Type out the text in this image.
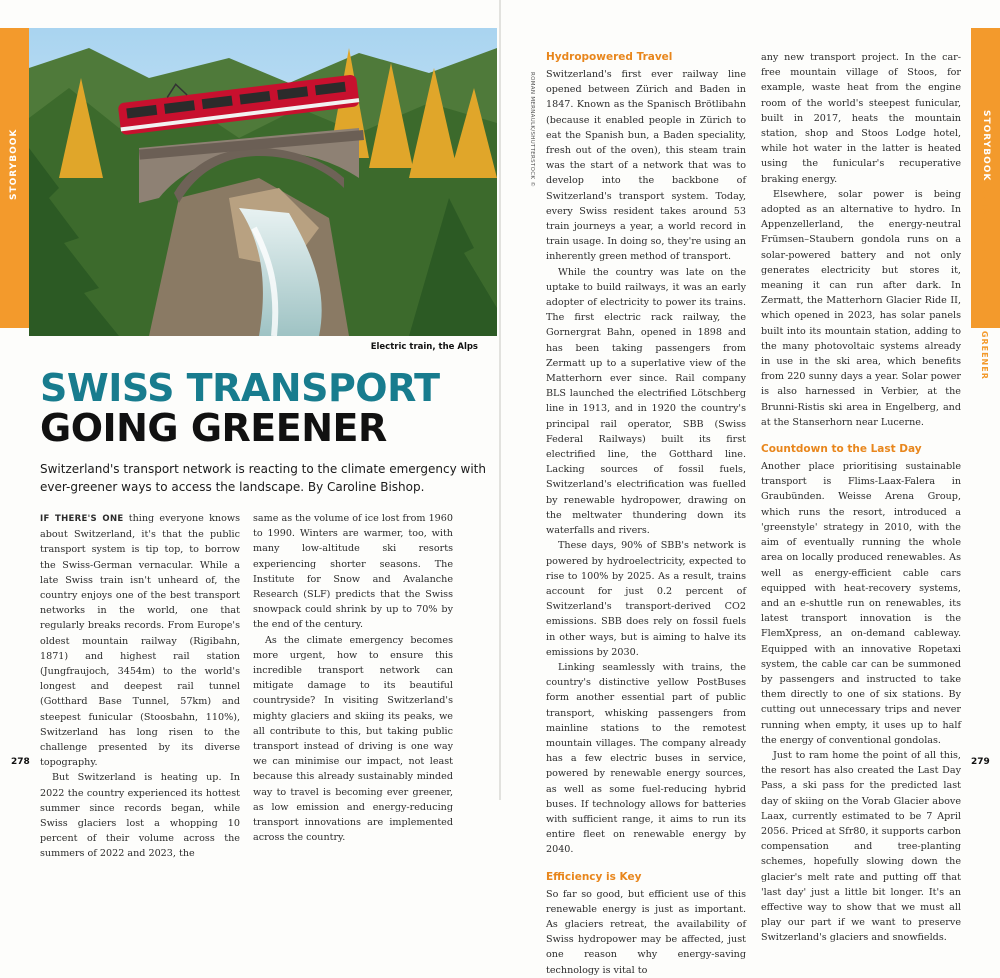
STORYBOOK	STORYBOOK
SWISS TRANSPORT GOING GREENER
Electric train, the Alps
ROMAN MERNAULK/SHUTTERSTOCK ©
SWISS TRANSPORT
GOING GREENER

Switzerland's transport network is reacting to the climate emergency with ever-greener ways to access the landscape. By Caroline Bishop.

IF THERE'S ONE thing everyone knows about Switzerland, it's that the public transport system is tip top, to borrow the Swiss-German vernacular. While a late Swiss train isn't unheard of, the country enjoys one of the best transport networks in the world, one that regularly breaks records. From Europe's oldest mountain railway (Rigibahn, 1871) and highest rail station (Jungfraujoch, 3454m) to the world's longest and deepest rail tunnel (Gotthard Base Tunnel, 57km) and steepest funicular (Stoosbahn, 110%), Switzerland has long risen to the challenge presented by its diverse topography.

But Switzerland is heating up. In 2022 the country experienced its hottest summer since records began, while Swiss glaciers lost a whopping 10 percent of their volume across the summers of 2022 and 2023, the

same as the volume of ice lost from 1960 to 1990. Winters are warmer, too, with many low-altitude ski resorts experiencing shorter seasons. The Institute for Snow and Avalanche Research (SLF) predicts that the Swiss snowpack could shrink by up to 70% by the end of the century.

As the climate emergency becomes more urgent, how to ensure this incredible transport network can mitigate damage to its beautiful countryside? In visiting Switzerland's mighty glaciers and skiing its peaks, we all contribute to this, but taking public transport instead of driving is one way we can minimise our impact, not least because this already sustainably minded way to travel is becoming ever greener, as low emission and energy-reducing transport innovations are implemented across the country.

Hydropowered Travel

Switzerland's first ever railway line opened between Zürich and Baden in 1847. Known as the Spanisch Brötlibahn (because it enabled people in Zürich to eat the Spanish bun, a Baden speciality, fresh out of the oven), this steam train was the start of a network that was to develop into the backbone of Switzerland's transport system. Today, every Swiss resident takes around 53 train journeys a year, a world record in train usage. In doing so, they're using an inherently green method of transport.

While the country was late on the uptake to build railways, it was an early adopter of electricity to power its trains. The first electric rack railway, the Gornergrat Bahn, opened in 1898 and has been taking passengers from Zermatt up to a superlative view of the Matterhorn ever since. Rail company BLS launched the electrified Lötschberg line in 1913, and in 1920 the country's principal rail operator, SBB (Swiss Federal Railways) built its first electrified line, the Gotthard line. Lacking sources of fossil fuels, Switzerland's electrification was fuelled by renewable hydropower, drawing on the meltwater thundering down its waterfalls and rivers.

These days, 90% of SBB's network is powered by hydroelectricity, expected to rise to 100% by 2025. As a result, trains account for just 0.2 percent of Switzerland's transport-derived CO2 emissions. SBB does rely on fossil fuels in other ways, but is aiming to halve its emissions by 2030.

Linking seamlessly with trains, the country's distinctive yellow PostBuses form another essential part of public transport, whisking passengers from mainline stations to the remotest mountain villages. The company already has a few electric buses in service, powered by renewable energy sources, as well as some fuel-reducing hybrid buses. If technology allows for batteries with sufficient range, it aims to run its entire fleet on renewable energy by 2040.

Efficiency is Key

So far so good, but efficient use of this renewable energy is just as important. As glaciers retreat, the availability of Swiss hydropower may be affected, just one reason why energy-saving technology is vital to

any new transport project. In the car-free mountain village of Stoos, for example, waste heat from the engine room of the world's steepest funicular, built in 2017, heats the mountain station, shop and Stoos Lodge hotel, while hot water in the latter is heated using the funicular's recuperative braking energy.

Elsewhere, solar power is being adopted as an alternative to hydro. In Appenzellerland, the energy-neutral Frümsen–Staubern gondola runs on a solar-powered battery and not only generates electricity but stores it, meaning it can run after dark. In Zermatt, the Matterhorn Glacier Ride II, which opened in 2023, has solar panels built into its mountain station, adding to the many photovoltaic systems already in use in the ski area, which benefits from 220 sunny days a year. Solar power is also harnessed in Verbier, at the Brunni-Ristis ski area in Engelberg, and at the Stanserhorn near Lucerne.

Countdown to the Last Day

Another place prioritising sustainable transport is Flims-Laax-Falera in Graubünden. Weisse Arena Group, which runs the resort, introduced a 'greenstyle' strategy in 2010, with the aim of eventually running the whole area on locally produced renewables. As well as energy-efficient cable cars equipped with heat-recovery systems, and an e-shuttle run on renewables, its latest transport innovation is the FlemXpress, an on-demand cableway. Equipped with an innovative Ropetaxi system, the cable car can be summoned by passengers and instructed to take them directly to one of six stations. By cutting out unnecessary trips and never running when empty, it uses up to half the energy of conventional gondolas.

Just to ram home the point of all this, the resort has also created the Last Day Pass, a ski pass for the predicted last day of skiing on the Vorab Glacier above Laax, currently estimated to be 7 April 2056. Priced at Sfr80, it supports carbon compensation and tree-planting schemes, hopefully slowing down the glacier's melt rate and putting off that 'last day' just a little bit longer. It's an effective way to show that we must all play our part if we want to preserve Switzerland's glaciers and snowfields.

278	279
